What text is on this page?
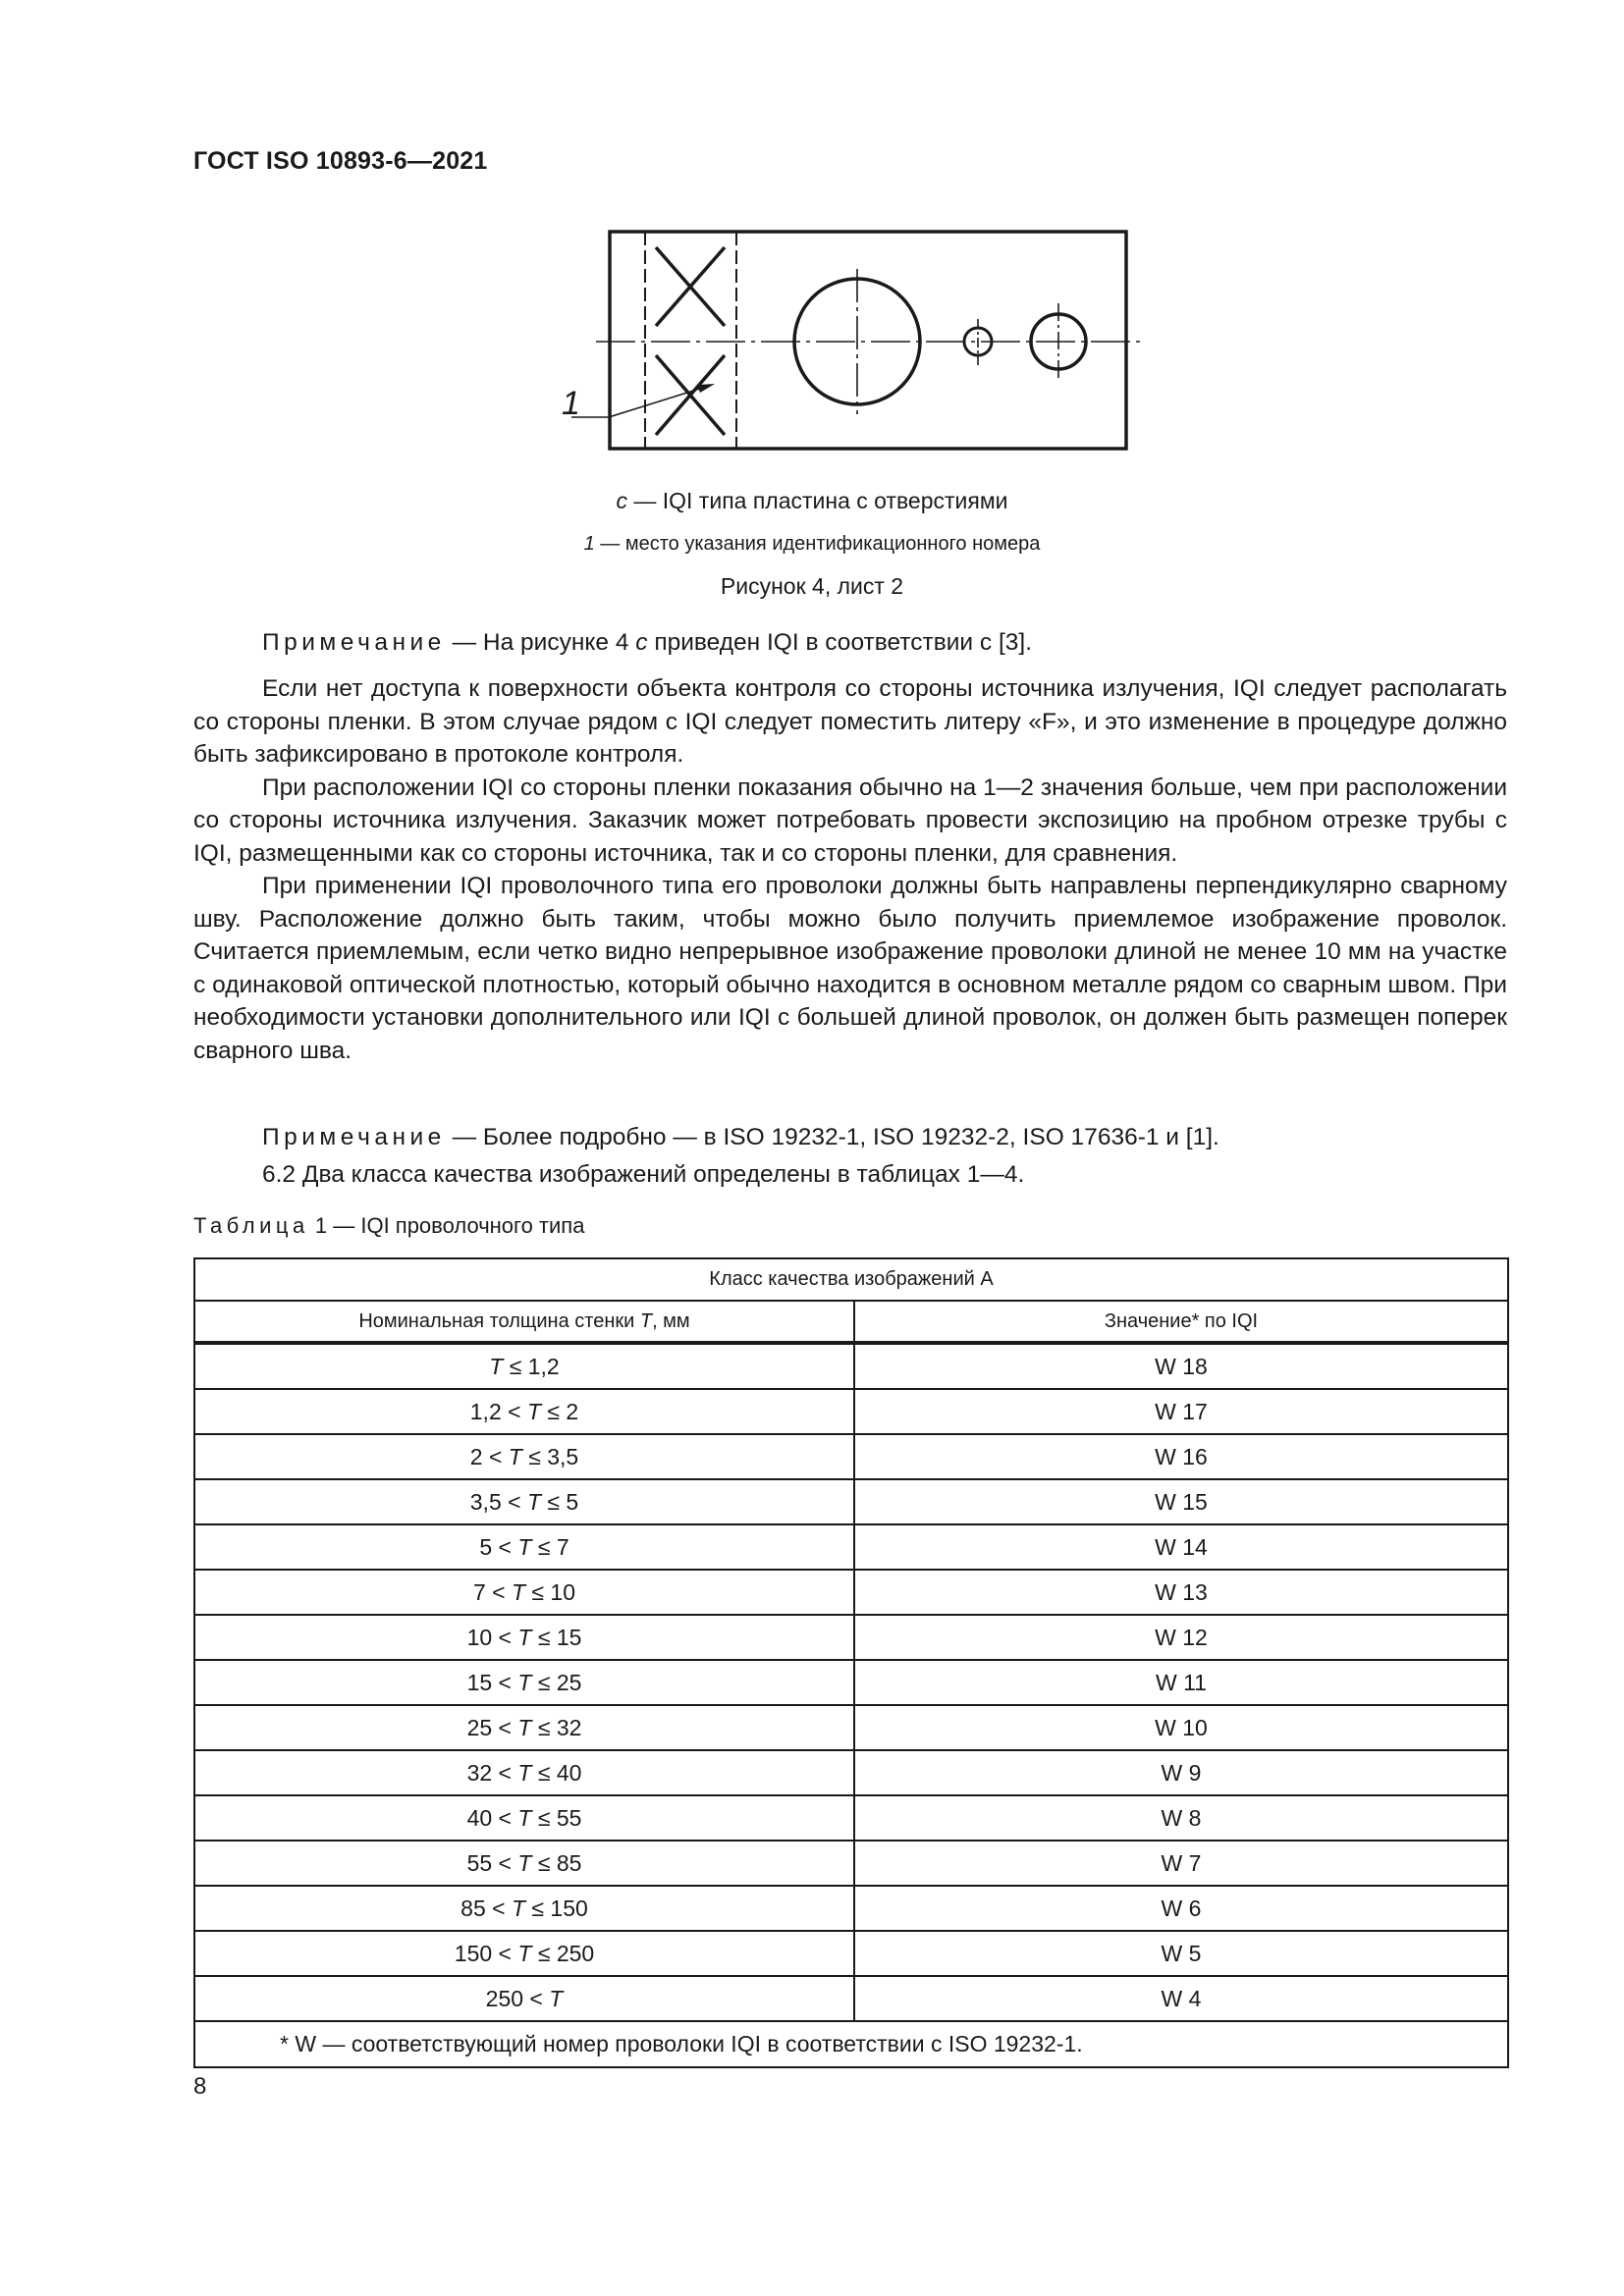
ГОСТ ISO 10893-6—2021
1
c — IQI типа пластина с отверстиями
1 — место указания идентификационного номера
Рисунок 4, лист 2

Примечание — На рисунке 4 c приведен IQI в соответствии с [3].

Если нет доступа к поверхности объекта контроля со стороны источника излучения, IQI следует располагать со стороны пленки. В этом случае рядом с IQI следует поместить литеру «F», и это изменение в процедуре должно быть зафиксировано в протоколе контроля.

При расположении IQI со стороны пленки показания обычно на 1—2 значения больше, чем при расположении со стороны источника излучения. Заказчик может потребовать провести экспозицию на пробном отрезке трубы с IQI, размещенными как со стороны источника, так и со стороны пленки, для сравнения.

При применении IQI проволочного типа его проволоки должны быть направлены перпендикулярно сварному шву. Расположение должно быть таким, чтобы можно было получить приемлемое изображение проволок. Считается приемлемым, если четко видно непрерывное изображение проволоки длиной не менее 10 мм на участке с одинаковой оптической плотностью, который обычно находится в основном металле рядом со сварным швом. При необходимости установки дополнительного или IQI с большей длиной проволок, он должен быть размещен поперек сварного шва.

Примечание — Более подробно — в ISO 19232-1, ISO 19232-2, ISO 17636-1 и [1].

6.2 Два класса качества изображений определены в таблицах 1—4.

Таблица 1 — IQI проволочного типа
Класс качества изображений А	
Номинальная толщина стенки T, мм	Значение* по IQI
T ≤ 1,2	W 18
1,2 < T ≤ 2	W 17
2 < T ≤ 3,5	W 16
3,5 < T ≤ 5	W 15
5 < T ≤ 7	W 14
7 < T ≤ 10	W 13
10 < T ≤ 15	W 12
15 < T ≤ 25	W 11
25 < T ≤ 32	W 10
32 < T ≤ 40	W 9
40 < T ≤ 55	W 8
55 < T ≤ 85	W 7
85 < T ≤ 150	W 6
150 < T ≤ 250	W 5
250 < T	W 4
* W — соответствующий номер проволоки IQI в соответствии с ISO 19232-1.	
8
